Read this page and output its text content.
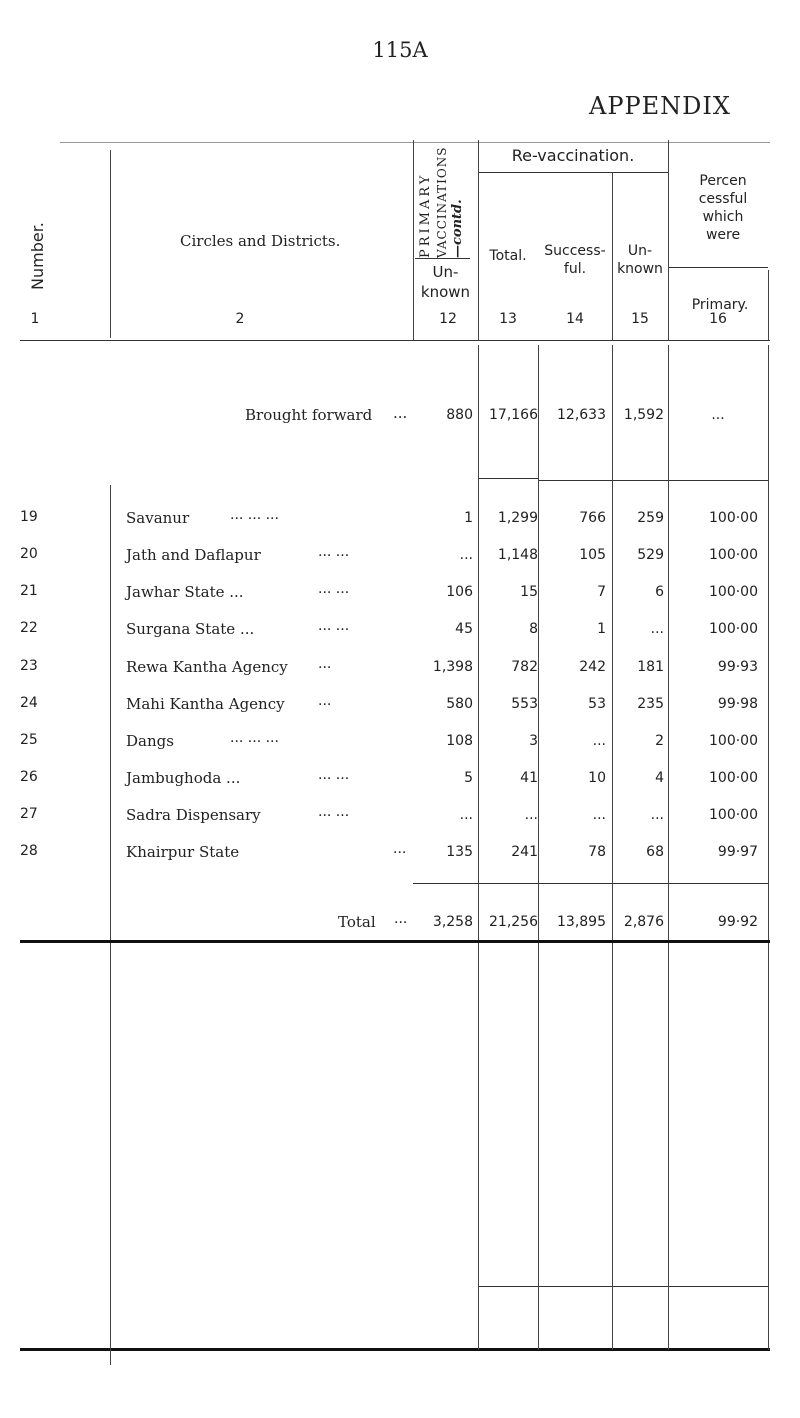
115A
APPENDIX
Number.	Circles and Districts.	PRIMARY VACCINATIONS —contd.
Un-
known
Re-vaccination.
Total.	Success-
ful.
Un-
known
Percen
cessful
which
were
Primary.
1	2	12	13	14	15	16
Brought forward ...	880	17,166	12,633	1,592	...
19	Savanur	... ... ...	1	1,299	766	259	100·00
20	Jath and Daflapur	... ...	...	1,148	105	529	100·00
21	Jawhar State ...	... ...	106	15	7	6	100·00
22	Surgana State ...	... ...	45	8	1	...	100·00
23	Rewa Kantha Agency ...	1,398	782	242	181	99·93
24	Mahi Kantha Agency ...	580	553	53	235	99·98
25	Dangs	... ... ...	108	3	...	2	100·00
26	Jambughoda ...	... ...	5	41	10	4	100·00
27	Sadra Dispensary	... ...	...	...	...	...	100·00
28	Khairpur State	...	135	241	78	68	99·97
Total ...	3,258	21,256	13,895	2,876	99·92
